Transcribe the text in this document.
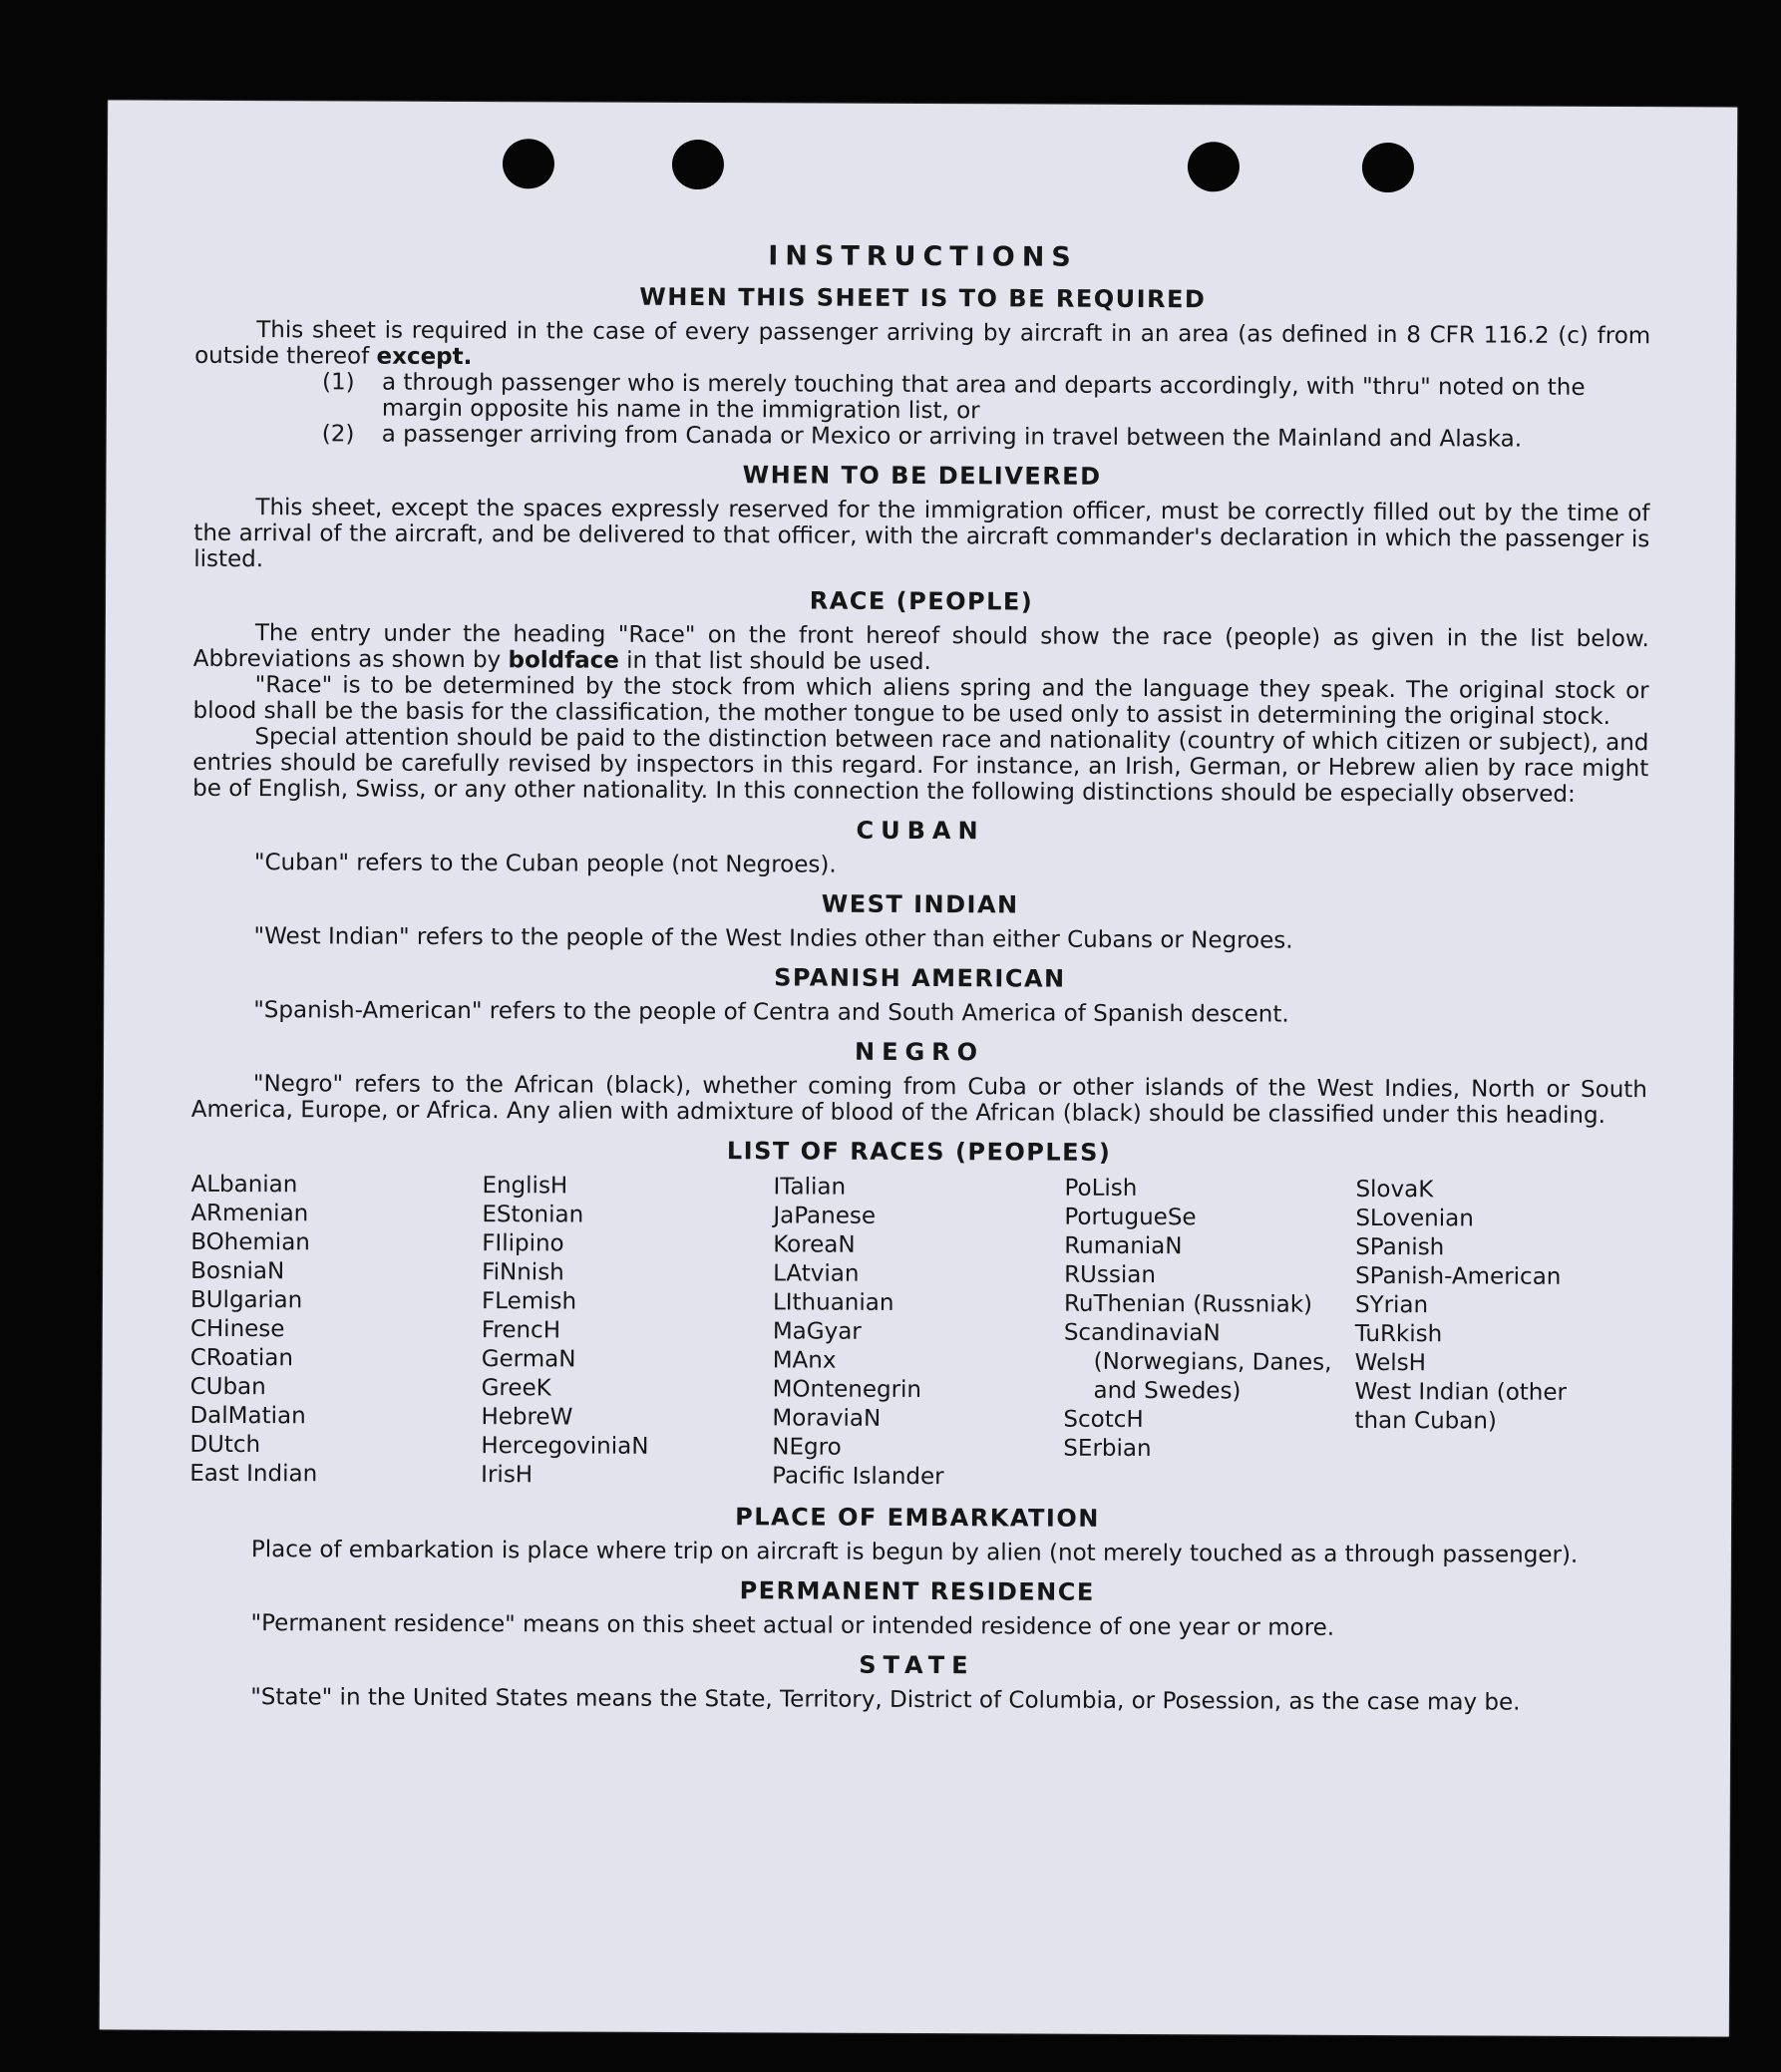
INSTRUCTIONS
WHEN THIS SHEET IS TO BE REQUIRED

This sheet is required in the case of every passenger arriving by aircraft in an area (as defined in 8 CFR 116.2 (c) from outside thereof except.

(1)	a through passenger who is merely touching that area and departs accordingly, with "thru" noted on the margin opposite his name in the immigration list, or
(2)	a passenger arriving from Canada or Mexico or arriving in travel between the Mainland and Alaska.
WHEN TO BE DELIVERED

This sheet, except the spaces expressly reserved for the immigration officer, must be correctly filled out by the time of the arrival of the aircraft, and be delivered to that officer, with the aircraft commander's declaration in which the passenger is listed.

RACE (PEOPLE)

The entry under the heading "Race" on the front hereof should show the race (people) as given in the list below. Abbreviations as shown by boldface in that list should be used.

"Race" is to be determined by the stock from which aliens spring and the language they speak. The original stock or blood shall be the basis for the classification, the mother tongue to be used only to assist in determining the original stock.

Special attention should be paid to the distinction between race and nationality (country of which citizen or subject), and entries should be carefully revised by inspectors in this regard. For instance, an Irish, German, or Hebrew alien by race might be of English, Swiss, or any other nationality. In this connection the following distinctions should be especially observed:

CUBAN

"Cuban" refers to the Cuban people (not Negroes).

WEST INDIAN

"West Indian" refers to the people of the West Indies other than either Cubans or Negroes.

SPANISH AMERICAN

"Spanish-American" refers to the people of Centra and South America of Spanish descent.

NEGRO

"Negro" refers to the African (black), whether coming from Cuba or other islands of the West Indies, North or South America, Europe, or Africa. Any alien with admixture of blood of the African (black) should be classified under this heading.

LIST OF RACES (PEOPLES)
ALbanian
ARmenian
BOhemian
BosniaN
BUlgarian
CHinese
CRoatian
CUban
DalMatian
DUtch
East Indian
EnglisH
EStonian
FIlipino
FiNnish
FLemish
FrencH
GermaN
GreeK
HebreW
HercegoviniaN
IrisH
ITalian
JaPanese
KoreaN
LAtvian
LIthuanian
MaGyar
MAnx
MOntenegrin
MoraviaN
NEgro
Pacific Islander
PoLish
PortugueSe
RumaniaN
RUssian
RuThenian (Russniak)
ScandinaviaN
(Norwegians, Danes, and Swedes)
ScotcH
SErbian
SlovaK
SLovenian
SPanish
SPanish-American
SYrian
TuRkish
WelsH
West Indian (other than Cuban)
PLACE OF EMBARKATION

Place of embarkation is place where trip on aircraft is begun by alien (not merely touched as a through passenger).

PERMANENT RESIDENCE

"Permanent residence" means on this sheet actual or intended residence of one year or more.

STATE

"State" in the United States means the State, Territory, District of Columbia, or Posession, as the case may be.
